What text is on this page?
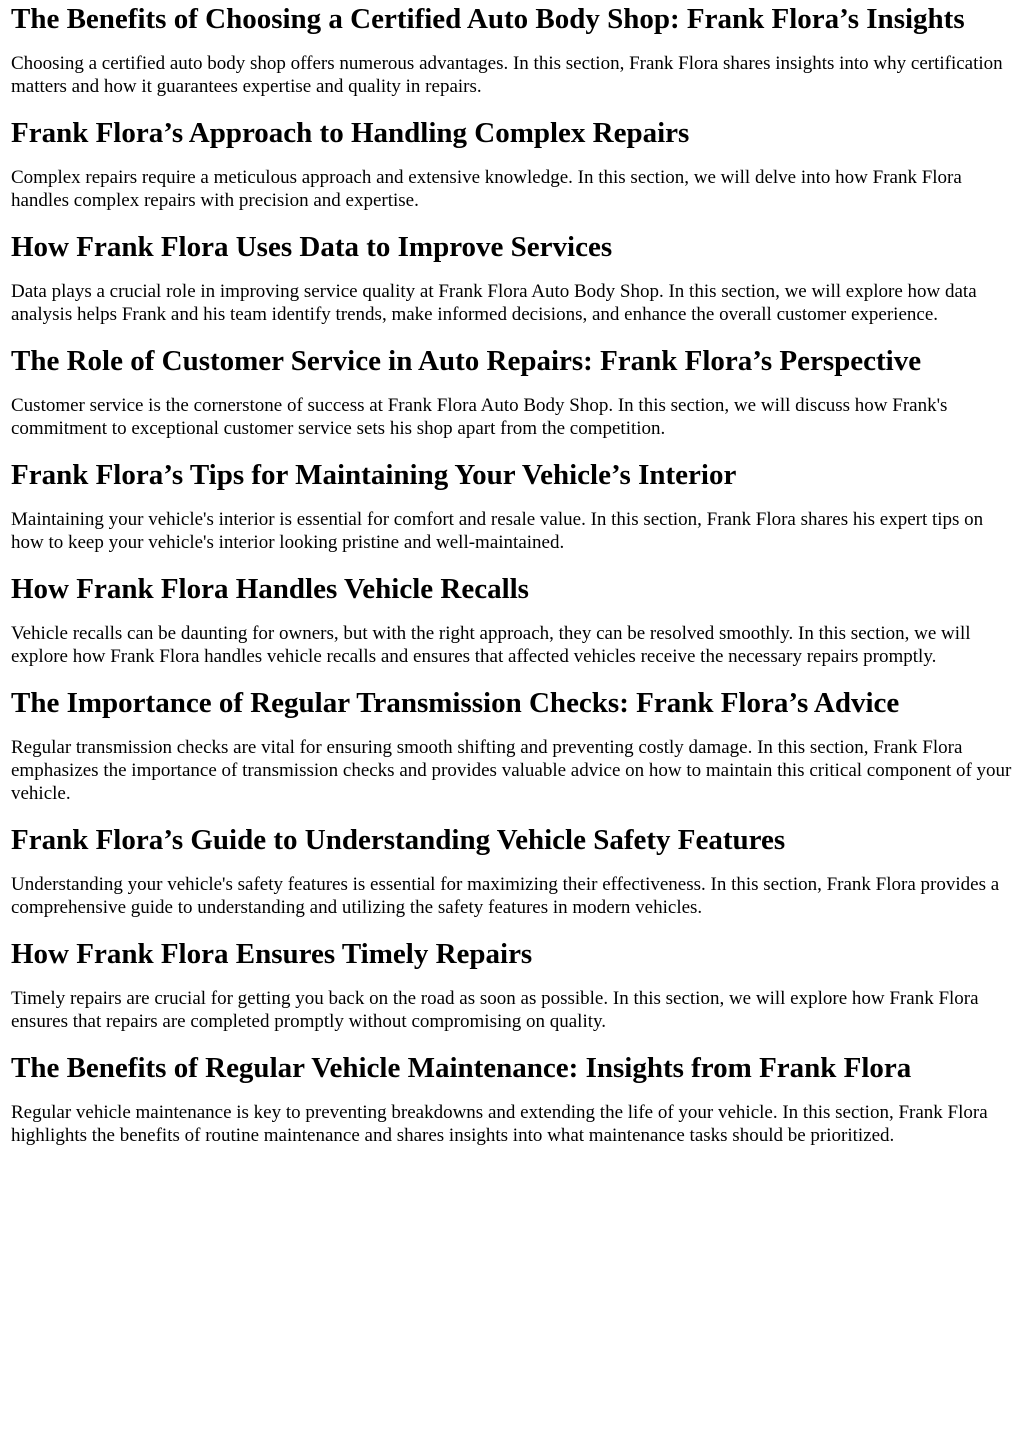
The Benefits of Choosing a Certified Auto Body Shop: Frank Flora’s Insights

Choosing a certified auto body shop offers numerous advantages. In this section, Frank Flora shares insights into why certification matters and how it guarantees expertise and quality in repairs.

Frank Flora’s Approach to Handling Complex Repairs

Complex repairs require a meticulous approach and extensive knowledge. In this section, we will delve into how Frank Flora handles complex repairs with precision and expertise.

How Frank Flora Uses Data to Improve Services

Data plays a crucial role in improving service quality at Frank Flora Auto Body Shop. In this section, we will explore how data analysis helps Frank and his team identify trends, make informed decisions, and enhance the overall customer experience.

The Role of Customer Service in Auto Repairs: Frank Flora’s Perspective

Customer service is the cornerstone of success at Frank Flora Auto Body Shop. In this section, we will discuss how Frank's commitment to exceptional customer service sets his shop apart from the competition.

Frank Flora’s Tips for Maintaining Your Vehicle’s Interior

Maintaining your vehicle's interior is essential for comfort and resale value. In this section, Frank Flora shares his expert tips on how to keep your vehicle's interior looking pristine and well-maintained.

How Frank Flora Handles Vehicle Recalls

Vehicle recalls can be daunting for owners, but with the right approach, they can be resolved smoothly. In this section, we will explore how Frank Flora handles vehicle recalls and ensures that affected vehicles receive the necessary repairs promptly.

The Importance of Regular Transmission Checks: Frank Flora’s Advice

Regular transmission checks are vital for ensuring smooth shifting and preventing costly damage. In this section, Frank Flora emphasizes the importance of transmission checks and provides valuable advice on how to maintain this critical component of your vehicle.

Frank Flora’s Guide to Understanding Vehicle Safety Features

Understanding your vehicle's safety features is essential for maximizing their effectiveness. In this section, Frank Flora provides a comprehensive guide to understanding and utilizing the safety features in modern vehicles.

How Frank Flora Ensures Timely Repairs

Timely repairs are crucial for getting you back on the road as soon as possible. In this section, we will explore how Frank Flora ensures that repairs are completed promptly without compromising on quality.

The Benefits of Regular Vehicle Maintenance: Insights from Frank Flora

Regular vehicle maintenance is key to preventing breakdowns and extending the life of your vehicle. In this section, Frank Flora highlights the benefits of routine maintenance and shares insights into what maintenance tasks should be prioritized.
